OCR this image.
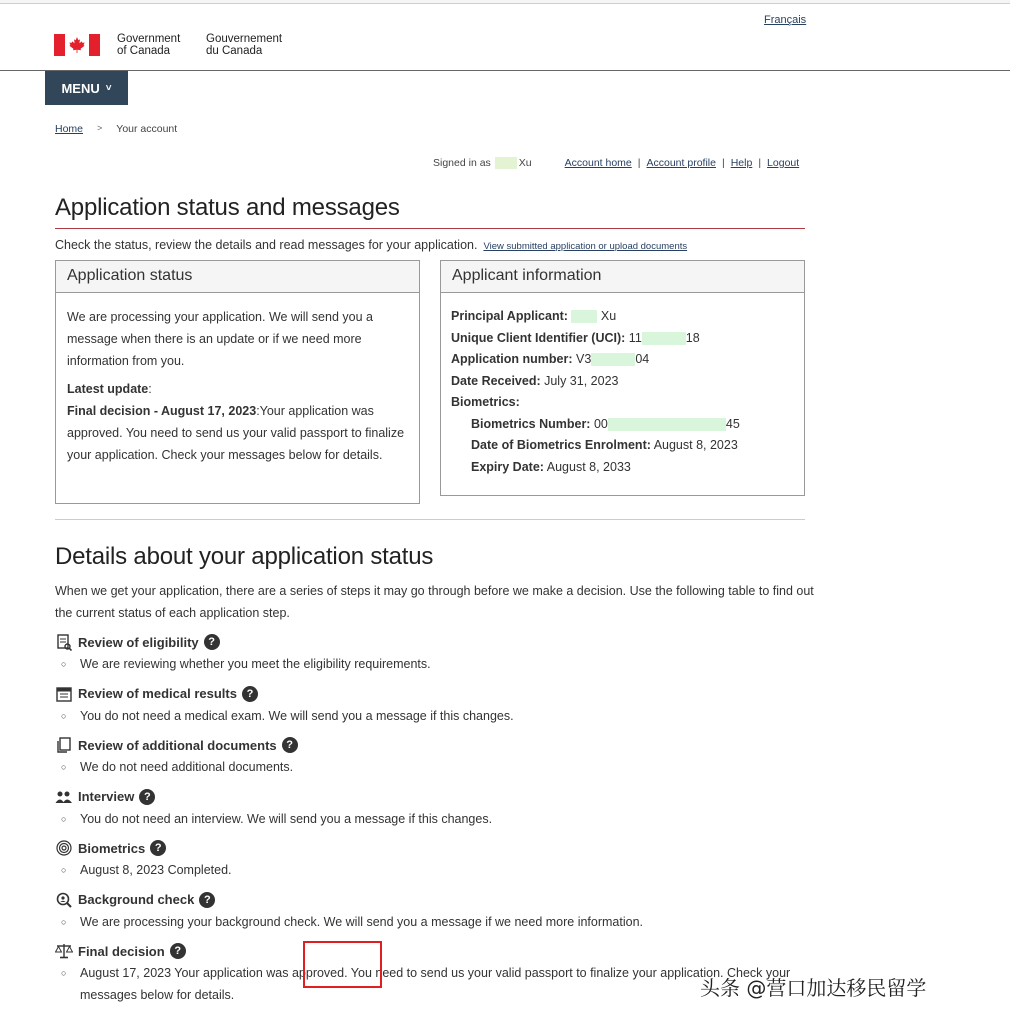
Français
Government
of Canada
Gouvernement
du Canada
MENU ˅
Home > Your account
Signed in as	Xu	Account home | Account profile | Help | Logout
Application status and messages
Check the status, review the details and read messages for your application. View submitted application or upload documents
Application status

We are processing your application. We will send you a message when there is an update or if we need more information from you.

Latest update:

Final decision - August 17, 2023:Your application was approved. You need to send us your valid passport to finalize your application. Check your messages below for details.

Applicant information
Principal Applicant:	Xu
Unique Client Identifier (UCI): 11	18
Application number: V3	04
Date Received: July 31, 2023
Biometrics:
Biometrics Number: 00	45
Date of Biometrics Enrolment: August 8, 2023
Expiry Date: August 8, 2033
Details about your application status
When we get your application, there are a series of steps it may go through before we make a decision. Use the following table to find out the current status of each application step.
Review of eligibility ?
○	We are reviewing whether you meet the eligibility requirements.
Review of medical results ?
○	You do not need a medical exam. We will send you a message if this changes.
Review of additional documents ?
○	We do not need additional documents.
Interview ?
○	You do not need an interview. We will send you a message if this changes.
Biometrics ?
○	August 8, 2023 Completed.
Background check ?
○	We are processing your background check. We will send you a message if we need more information.
Final decision ?
○	August 17, 2023 Your application was approved. You need to send us your valid passport to finalize your application. Check your messages below for details.	头条 @营口加达移民留学
